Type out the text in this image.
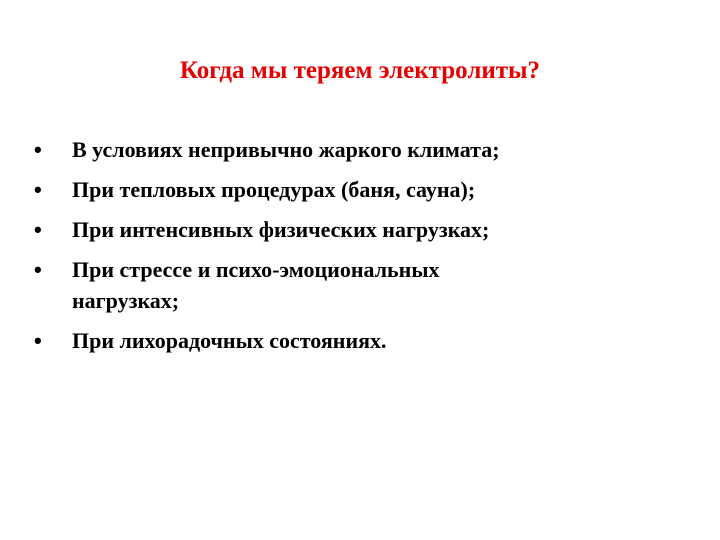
Когда мы теряем электролиты?
•	В условиях непривычно жаркого климата;
•	При тепловых процедурах (баня, сауна);
•	При интенсивных физических нагрузках;
•	При стрессе и психо-эмоциональных нагрузках;
•	При лихорадочных состояниях.
